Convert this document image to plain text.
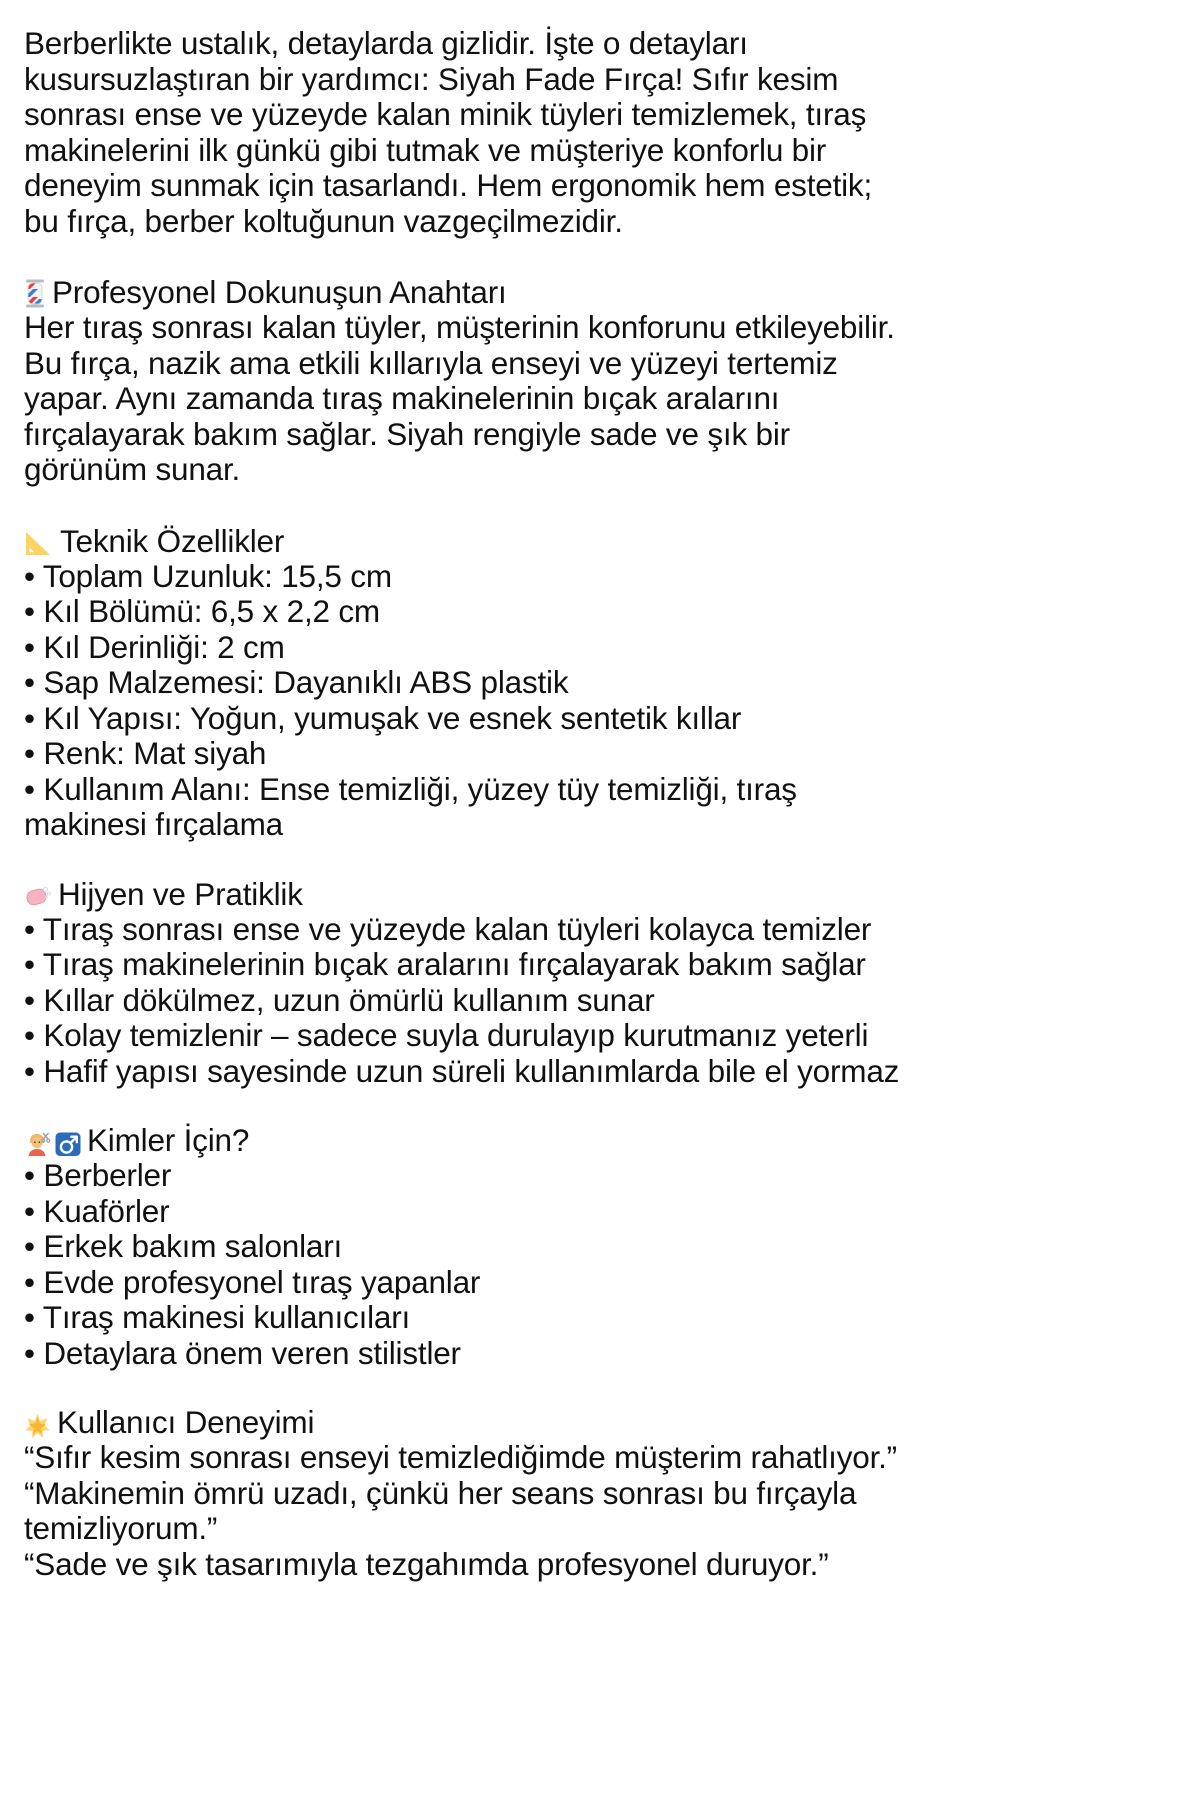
Berberlikte ustalık, detaylarda gizlidir. İşte o detayları
kusursuzlaştıran bir yardımcı: Siyah Fade Fırça! Sıfır kesim
sonrası ense ve yüzeyde kalan minik tüyleri temizlemek, tıraş
makinelerini ilk günkü gibi tutmak ve müşteriye konforlu bir
deneyim sunmak için tasarlandı. Hem ergonomik hem estetik;
bu fırça, berber koltuğunun vazgeçilmezidir.
Profesyonel Dokunuşun Anahtarı
Her tıraş sonrası kalan tüyler, müşterinin konforunu etkileyebilir.
Bu fırça, nazik ama etkili kıllarıyla enseyi ve yüzeyi tertemiz
yapar. Aynı zamanda tıraş makinelerinin bıçak aralarını
fırçalayarak bakım sağlar. Siyah rengiyle sade ve şık bir
görünüm sunar.
Teknik Özellikler
• Toplam Uzunluk: 15,5 cm
• Kıl Bölümü: 6,5 x 2,2 cm
• Kıl Derinliği: 2 cm
• Sap Malzemesi: Dayanıklı ABS plastik
• Kıl Yapısı: Yoğun, yumuşak ve esnek sentetik kıllar
• Renk: Mat siyah
• Kullanım Alanı: Ense temizliği, yüzey tüy temizliği, tıraş
makinesi fırçalama
Hijyen ve Pratiklik
• Tıraş sonrası ense ve yüzeyde kalan tüyleri kolayca temizler
• Tıraş makinelerinin bıçak aralarını fırçalayarak bakım sağlar
• Kıllar dökülmez, uzun ömürlü kullanım sunar
• Kolay temizlenir – sadece suyla durulayıp kurutmanız yeterli
• Hafif yapısı sayesinde uzun süreli kullanımlarda bile el yormaz
Kimler İçin?
• Berberler
• Kuaförler
• Erkek bakım salonları
• Evde profesyonel tıraş yapanlar
• Tıraş makinesi kullanıcıları
• Detaylara önem veren stilistler
Kullanıcı Deneyimi
“Sıfır kesim sonrası enseyi temizlediğimde müşterim rahatlıyor.”
“Makinemin ömrü uzadı, çünkü her seans sonrası bu fırçayla
temizliyorum.”
“Sade ve şık tasarımıyla tezgahımda profesyonel duruyor.”
